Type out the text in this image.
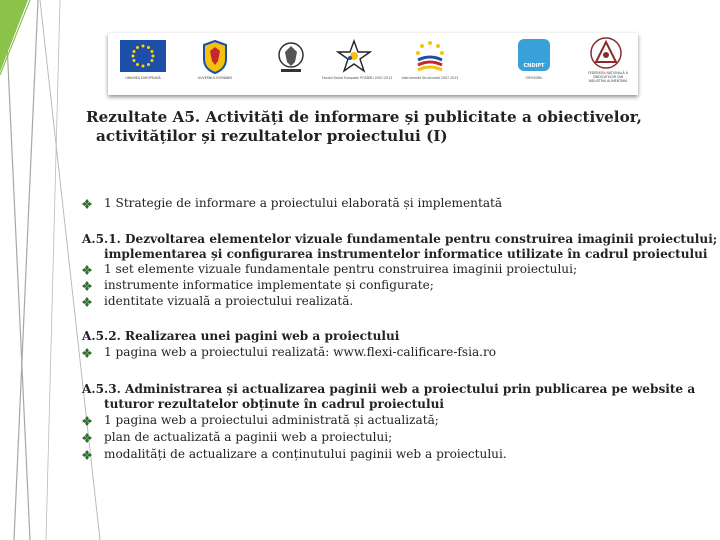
UNIUNEA EUROPEANĂ	GUVERNUL ROMÂNIEI	Fondul Social European POSDRU 2007-2013	Instrumente Structurale 2007-2013
CNDIPT
OIPOSDRU
FEDERAȚIA NAȚIONALĂ A SINDICATELOR DIN INDUSTRIA ALIMENTARĂ
Rezultate A5. Activități de informare și publicitate a obiectivelor,
activităților și rezultatelor proiectului (I)
1 Strategie de informare a proiectului elaborată și implementată
A.5.1. Dezvoltarea elementelor vizuale fundamentale pentru construirea imaginii proiectului;
implementarea și configurarea instrumentelor informatice utilizate în cadrul proiectului
1 set elemente vizuale fundamentale pentru construirea imaginii proiectului;
instrumente informatice implementate și configurate;
identitate vizuală a proiectului realizată.
A.5.2. Realizarea unei pagini web a proiectului
1 pagina web a proiectului realizată: www.flexi-calificare-fsia.ro
A.5.3. Administrarea și actualizarea paginii web a proiectului prin publicarea pe website a
tuturor rezultatelor obținute în cadrul proiectului
1 pagina web a proiectului administrată și actualizată;
plan de actualizată a paginii web a proiectului;
modalități de actualizare a conținutului paginii web a proiectului.
